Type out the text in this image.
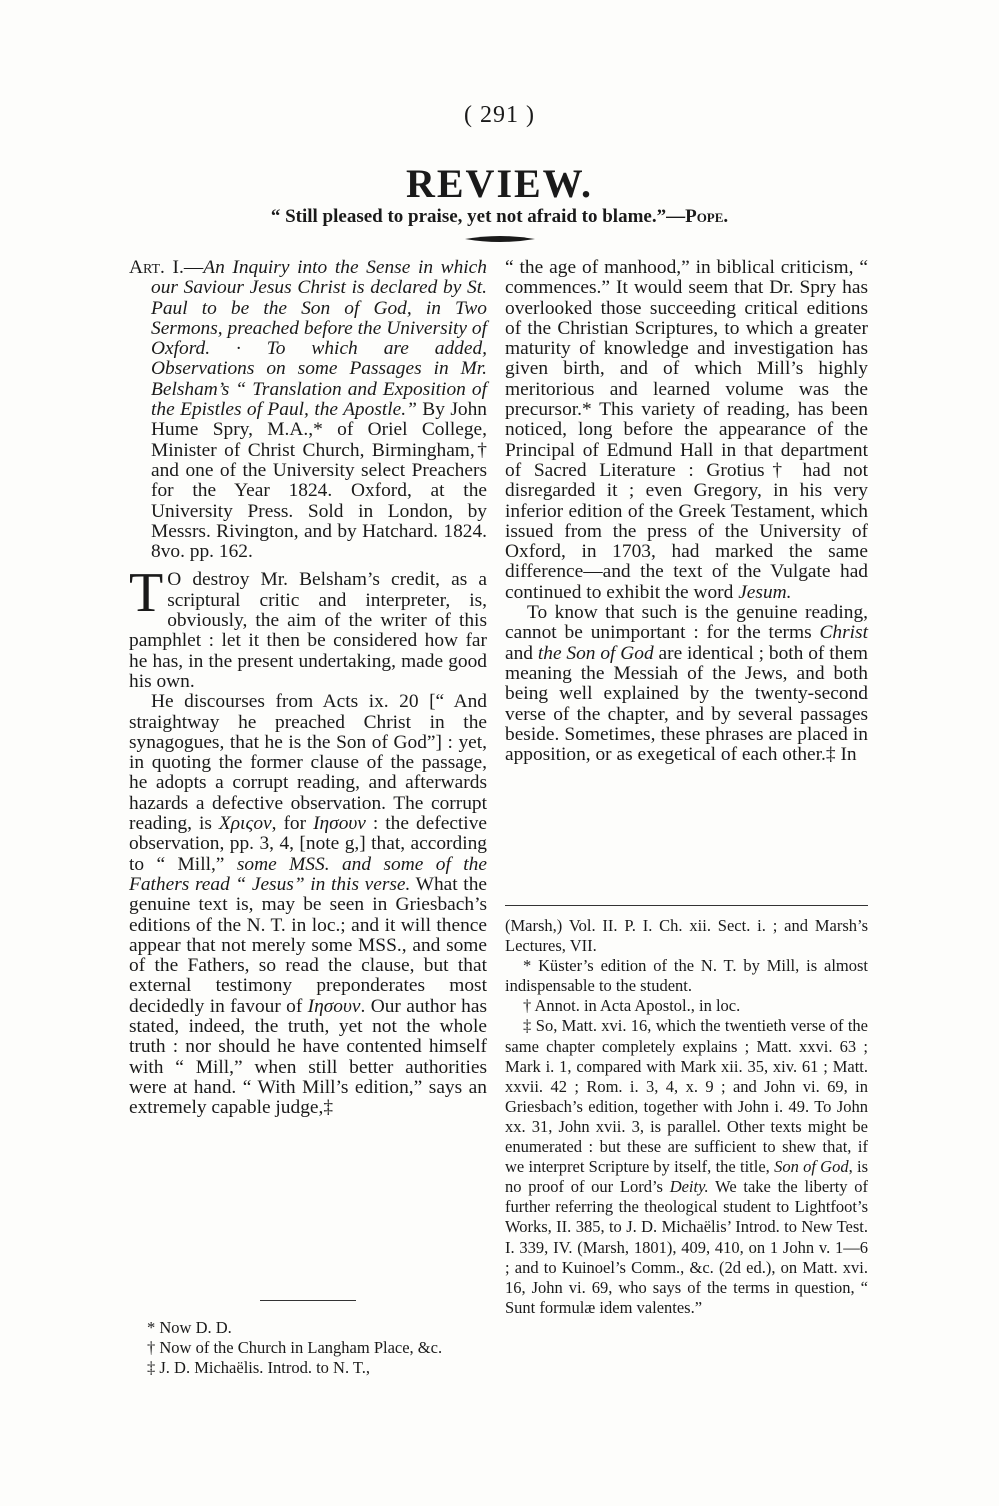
( 291 )
REVIEW.
“ Still pleased to praise, yet not afraid to blame.”—Pope.

Art. I.—An Inquiry into the Sense in which our Saviour Jesus Christ is declared by St. Paul to be the Son of God, in Two Sermons, preached before the University of Oxford. · To which are added, Observations on some Passages in Mr. Belsham’s “ Translation and Exposition of the Epistles of Paul, the Apostle.” By John Hume Spry, M.A.,* of Oriel College, Minister of Christ Church, Birmingham,† and one of the University select Preachers for the Year 1824. Oxford, at the University Press. Sold in London, by Messrs. Rivington, and by Hatchard. 1824. 8vo. pp. 162.

T O destroy Mr. Belsham’s credit, as a scriptural critic and interpreter, is, obviously, the aim of the writer of this pamphlet : let it then be considered how far he has, in the present undertaking, made good his own.

He discourses from Acts ix. 20 [“ And straightway he preached Christ in the synagogues, that he is the Son of God”] : yet, in quoting the former clause of the passage, he adopts a corrupt reading, and afterwards hazards a defective observation. The corrupt reading, is Χριςον, for Ιησουν : the defective observation, pp. 3, 4, [note g,] that, according to “ Mill,” some MSS. and some of the Fathers read “ Jesus” in this verse. What the genuine text is, may be seen in Griesbach’s editions of the N. T. in loc.; and it will thence appear that not merely some MSS., and some of the Fathers, so read the clause, but that external testimony preponderates most decidedly in favour of Ιησουν. Our author has stated, indeed, the truth, yet not the whole truth : nor should he have contented himself with “ Mill,” when still better authorities were at hand. “ With Mill’s edition,” says an extremely capable judge,‡

* Now D. D.

† Now of the Church in Langham Place, &c.

‡ J. D. Michaëlis. Introd. to N. T.,

“ the age of manhood,” in biblical criticism, “ commences.” It would seem that Dr. Spry has overlooked those succeeding critical editions of the Christian Scriptures, to which a greater maturity of knowledge and investigation has given birth, and of which Mill’s highly meritorious and learned volume was the precursor.* This variety of reading, has been noticed, long before the appearance of the Principal of Edmund Hall in that department of Sacred Literature : Grotius† had not disregarded it ; even Gregory, in his very inferior edition of the Greek Testament, which issued from the press of the University of Oxford, in 1703, had marked the same difference—and the text of the Vulgate had continued to exhibit the word Jesum.

To know that such is the genuine reading, cannot be unimportant : for the terms Christ and the Son of God are identical ; both of them meaning the Messiah of the Jews, and both being well explained by the twenty-second verse of the chapter, and by several passages beside. Sometimes, these phrases are placed in apposition, or as exegetical of each other.‡ In

(Marsh,) Vol. II. P. I. Ch. xii. Sect. i. ; and Marsh’s Lectures, VII.

* Küster’s edition of the N. T. by Mill, is almost indispensable to the student.

† Annot. in Acta Apostol., in loc.

‡ So, Matt. xvi. 16, which the twentieth verse of the same chapter completely explains ; Matt. xxvi. 63 ; Mark i. 1, compared with Mark xii. 35, xiv. 61 ; Matt. xxvii. 42 ; Rom. i. 3, 4, x. 9 ; and John vi. 69, in Griesbach’s edition, together with John i. 49. To John xx. 31, John xvii. 3, is parallel. Other texts might be enumerated : but these are sufficient to shew that, if we interpret Scripture by itself, the title, Son of God, is no proof of our Lord’s Deity. We take the liberty of further referring the theological student to Lightfoot’s Works, II. 385, to J. D. Michaëlis’ Introd. to New Test. I. 339, IV. (Marsh, 1801), 409, 410, on 1 John v. 1—6 ; and to Kuinoel’s Comm., &c. (2d ed.), on Matt. xvi. 16, John vi. 69, who says of the terms in question, “ Sunt formulæ idem valentes.”
